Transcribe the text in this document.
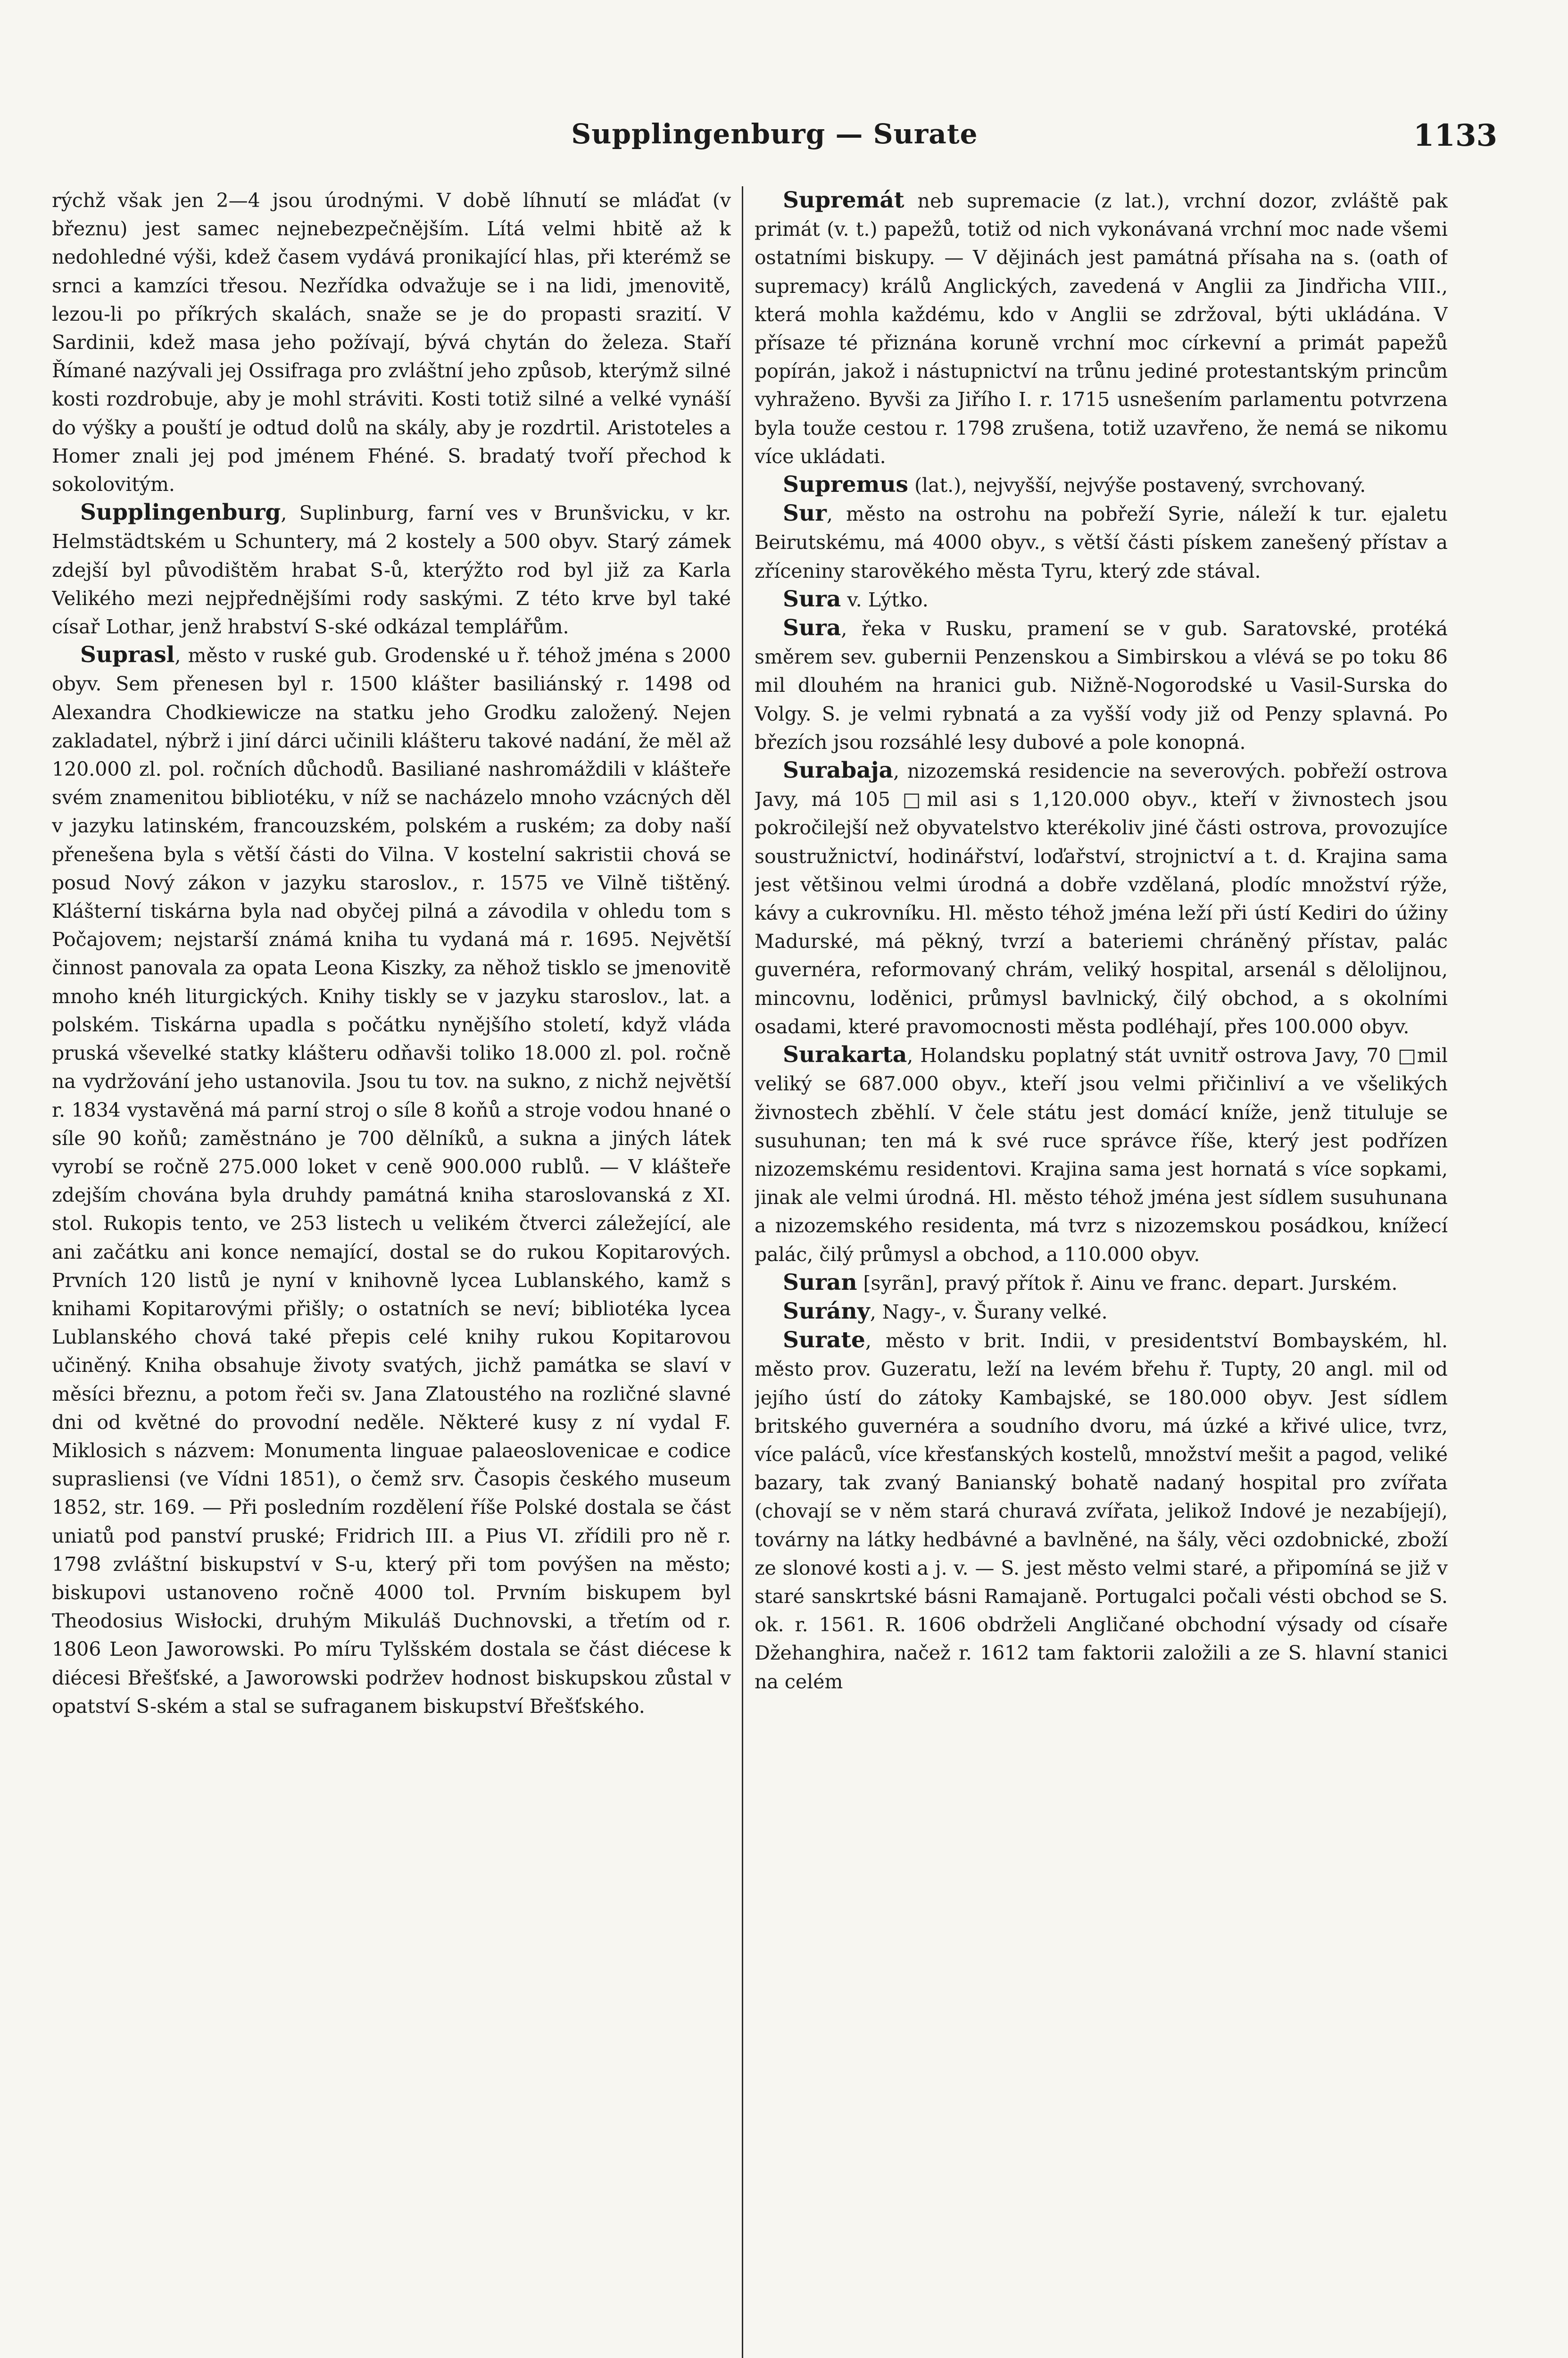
Supplingenburg — Surate	1133

rýchž však jen 2—4 jsou úrodnými. V době líhnutí se mláďat (v březnu) jest samec nejnebezpečnějším. Lítá velmi hbitě až k nedohledné výši, kdež časem vydává pronikající hlas, při kterémž se srnci a kamzíci třesou. Nezřídka odvažuje se i na lidi, jmenovitě, lezou-li po příkrých skalách, snaže se je do propasti srazití. V Sardinii, kdež masa jeho požívají, bývá chytán do železa. Staří Římané nazývali jej Ossifraga pro zvláštní jeho způsob, kterýmž silné kosti rozdrobuje, aby je mohl stráviti. Kosti totiž silné a velké vynáší do výšky a pouští je odtud dolů na skály, aby je rozdrtil. Aristoteles a Homer znali jej pod jménem Fhéné. S. bradatý tvoří přechod k sokolovitým.

Supplingenburg, Suplinburg, farní ves v Brunšvicku, v kr. Helmstädtském u Schuntery, má 2 kostely a 500 obyv. Starý zámek zdejší byl původištěm hrabat S-ů, kterýžto rod byl již za Karla Velikého mezi nejpřednějšími rody saskými. Z této krve byl také císař Lothar, jenž hrabství S-ské odkázal templářům.

Suprasl, město v ruské gub. Grodenské u ř. téhož jména s 2000 obyv. Sem přenesen byl r. 1500 klášter basiliánský r. 1498 od Alexandra Chodkiewicze na statku jeho Grodku založený. Nejen zakladatel, nýbrž i jiní dárci učinili klášteru takové nadání, že měl až 120.000 zl. pol. ročních důchodů. Basiliané nashromáždili v klášteře svém znamenitou bibliotéku, v níž se nacházelo mnoho vzácných děl v jazyku latinském, francouzském, polském a ruském; za doby naší přenešena byla s větší části do Vilna. V kostelní sakristii chová se posud Nový zákon v jazyku staroslov., r. 1575 ve Vilně tištěný. Klášterní tiskárna byla nad obyčej pilná a závodila v ohledu tom s Počajovem; nejstarší známá kniha tu vydaná má r. 1695. Největší činnost panovala za opata Leona Kiszky, za něhož tisklo se jmenovitě mnoho knéh liturgických. Knihy tiskly se v jazyku staroslov., lat. a polském. Tiskárna upadla s počátku nynějšího století, když vláda pruská vševelké statky klášteru odňavši toliko 18.000 zl. pol. ročně na vydržování jeho ustanovila. Jsou tu tov. na sukno, z nichž největší r. 1834 vystavěná má parní stroj o síle 8 koňů a stroje vodou hnané o síle 90 koňů; zaměstnáno je 700 dělníků, a sukna a jiných látek vyrobí se ročně 275.000 loket v ceně 900.000 rublů. — V klášteře zdejším chována byla druhdy památná kniha staroslovanská z XI. stol. Rukopis tento, ve 253 listech u velikém čtverci záležející, ale ani začátku ani konce nemající, dostal se do rukou Kopitarových. Prvních 120 listů je nyní v knihovně lycea Lublanského, kamž s knihami Kopitarovými přišly; o ostatních se neví; bibliotéka lycea Lublanského chová také přepis celé knihy rukou Kopitarovou učiněný. Kniha obsahuje životy svatých, jichž památka se slaví v měsíci březnu, a potom řeči sv. Jana Zlatoustého na rozličné slavné dni od květné do provodní neděle. Některé kusy z ní vydal F. Miklosich s názvem: Monumenta linguae palaeoslovenicae e codice suprasliensi (ve Vídni 1851), o čemž srv. Časopis českého museum 1852, str. 169. — Při posledním rozdělení říše Polské dostala se část uniatů pod panství pruské; Fridrich III. a Pius VI. zřídili pro ně r. 1798 zvláštní biskupství v S-u, který při tom povýšen na město; biskupovi ustanoveno ročně 4000 tol. Prvním biskupem byl Theodosius Wisłocki, druhým Mikuláš Duchnovski, a třetím od r. 1806 Leon Jaworowski. Po míru Tylšském dostala se část diécese k diécesi Břešťské, a Jaworowski podržev hodnost biskupskou zůstal v opatství S-ském a stal se sufraganem biskupství Břešťského.

Supremát neb supremacie (z lat.), vrchní dozor, zvláště pak primát (v. t.) papežů, totiž od nich vykonávaná vrchní moc nade všemi ostatními biskupy. — V dějinách jest památná přísaha na s. (oath of supremacy) králů Anglických, zavedená v Anglii za Jindřicha VIII., která mohla každému, kdo v Anglii se zdržoval, býti ukládána. V přísaze té přiznána koruně vrchní moc církevní a primát papežů popírán, jakož i nástupnictví na trůnu jediné protestantským princům vyhraženo. Byvši za Jiřího I. r. 1715 usnešením parlamentu potvrzena byla touže cestou r. 1798 zrušena, totiž uzavřeno, že nemá se nikomu více ukládati.

Supremus (lat.), nejvyšší, nejvýše postavený, svrchovaný.

Sur, město na ostrohu na pobřeží Syrie, náleží k tur. ejaletu Beirutskému, má 4000 obyv., s větší části pískem zanešený přístav a zříceniny starověkého města Tyru, který zde stával.

Sura v. Lýtko.

Sura, řeka v Rusku, pramení se v gub. Saratovské, protéká směrem sev. gubernii Penzenskou a Simbirskou a vlévá se po toku 86 mil dlouhém na hranici gub. Nižně-Nogorodské u Vasil-Surska do Volgy. S. je velmi rybnatá a za vyšší vody již od Penzy splavná. Po březích jsou rozsáhlé lesy dubové a pole konopná.

Surabaja, nizozemská residencie na severových. pobřeží ostrova Javy, má 105 □mil asi s 1,120.000 obyv., kteří v živnostech jsou pokročilejší než obyvatelstvo kterékoliv jiné části ostrova, provozujíce soustružnictví, hodinářství, loďařství, strojnictví a t. d. Krajina sama jest většinou velmi úrodná a dobře vzdělaná, plodíc množství rýže, kávy a cukrovníku. Hl. město téhož jména leží při ústí Kediri do úžiny Madurské, má pěkný, tvrzí a bateriemi chráněný přístav, palác guvernéra, reformovaný chrám, veliký hospital, arsenál s dělolijnou, mincovnu, loděnici, průmysl bavlnický, čilý obchod, a s okolními osadami, které pravomocnosti města podléhají, přes 100.000 obyv.

Surakarta, Holandsku poplatný stát uvnitř ostrova Javy, 70 □mil veliký se 687.000 obyv., kteří jsou velmi přičinliví a ve všelikých živnostech zběhlí. V čele státu jest domácí kníže, jenž tituluje se susuhunan; ten má k své ruce správce říše, který jest podřízen nizozemskému residentovi. Krajina sama jest hornatá s více sopkami, jinak ale velmi úrodná. Hl. město téhož jména jest sídlem susuhunana a nizozemského residenta, má tvrz s nizozemskou posádkou, knížecí palác, čilý průmysl a obchod, a 110.000 obyv.

Suran [syrãn], pravý přítok ř. Ainu ve franc. depart. Jurském.

Surány, Nagy-, v. Šurany velké.

Surate, město v brit. Indii, v presidentství Bombayském, hl. město prov. Guzeratu, leží na levém břehu ř. Tupty, 20 angl. mil od jejího ústí do zátoky Kambajské, se 180.000 obyv. Jest sídlem britského guvernéra a soudního dvoru, má úzké a křivé ulice, tvrz, více paláců, více křesťanských kostelů, množství mešit a pagod, veliké bazary, tak zvaný Banianský bohatě nadaný hospital pro zvířata (chovají se v něm stará churavá zvířata, jelikož Indové je nezabíjejí), továrny na látky hedbávné a bavlněné, na šály, věci ozdobnické, zboží ze slonové kosti a j. v. — S. jest město velmi staré, a připomíná se již v staré sanskrtské básni Ramajaně. Portugalci počali vésti obchod se S. ok. r. 1561. R. 1606 obdrželi Angličané obchodní výsady od císaře Džehanghira, načež r. 1612 tam faktorii založili a ze S. hlavní stanici na celém
